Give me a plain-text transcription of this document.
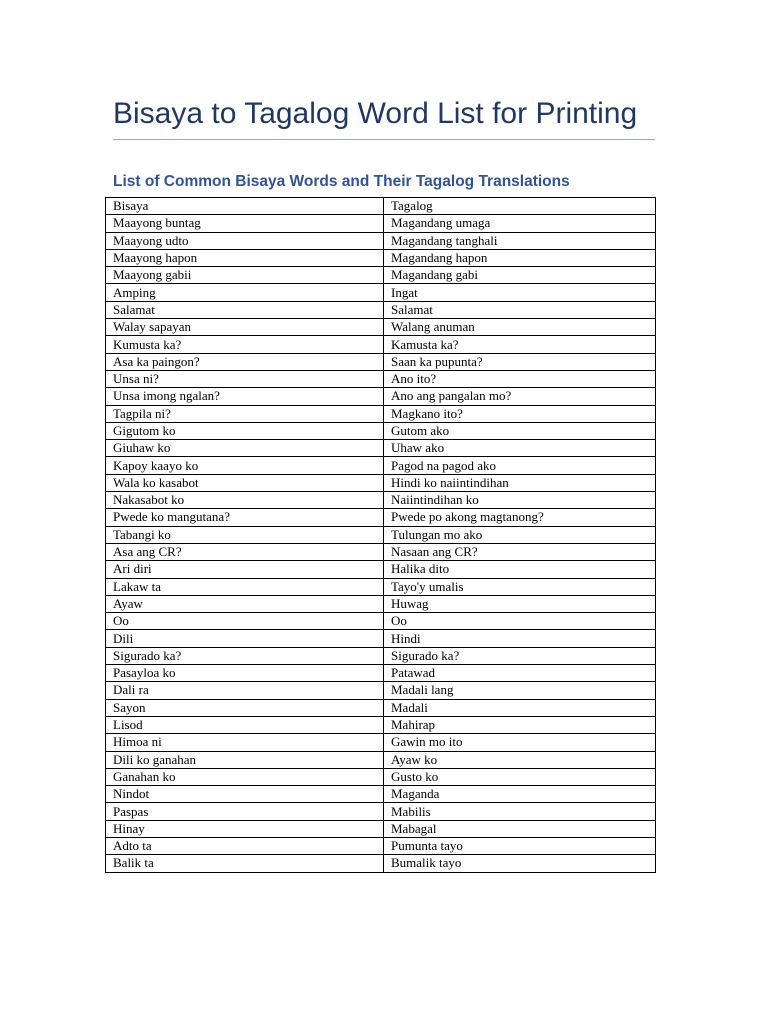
Bisaya to Tagalog Word List for Printing
List of Common Bisaya Words and Their Tagalog Translations
Bisaya	Tagalog
Maayong buntag	Magandang umaga
Maayong udto	Magandang tanghali
Maayong hapon	Magandang hapon
Maayong gabii	Magandang gabi
Amping	Ingat
Salamat	Salamat
Walay sapayan	Walang anuman
Kumusta ka?	Kamusta ka?
Asa ka paingon?	Saan ka pupunta?
Unsa ni?	Ano ito?
Unsa imong ngalan?	Ano ang pangalan mo?
Tagpila ni?	Magkano ito?
Gigutom ko	Gutom ako
Giuhaw ko	Uhaw ako
Kapoy kaayo ko	Pagod na pagod ako
Wala ko kasabot	Hindi ko naiintindihan
Nakasabot ko	Naiintindihan ko
Pwede ko mangutana?	Pwede po akong magtanong?
Tabangi ko	Tulungan mo ako
Asa ang CR?	Nasaan ang CR?
Ari diri	Halika dito
Lakaw ta	Tayo'y umalis
Ayaw	Huwag
Oo	Oo
Dili	Hindi
Sigurado ka?	Sigurado ka?
Pasayloa ko	Patawad
Dali ra	Madali lang
Sayon	Madali
Lisod	Mahirap
Himoa ni	Gawin mo ito
Dili ko ganahan	Ayaw ko
Ganahan ko	Gusto ko
Nindot	Maganda
Paspas	Mabilis
Hinay	Mabagal
Adto ta	Pumunta tayo
Balik ta	Bumalik tayo
